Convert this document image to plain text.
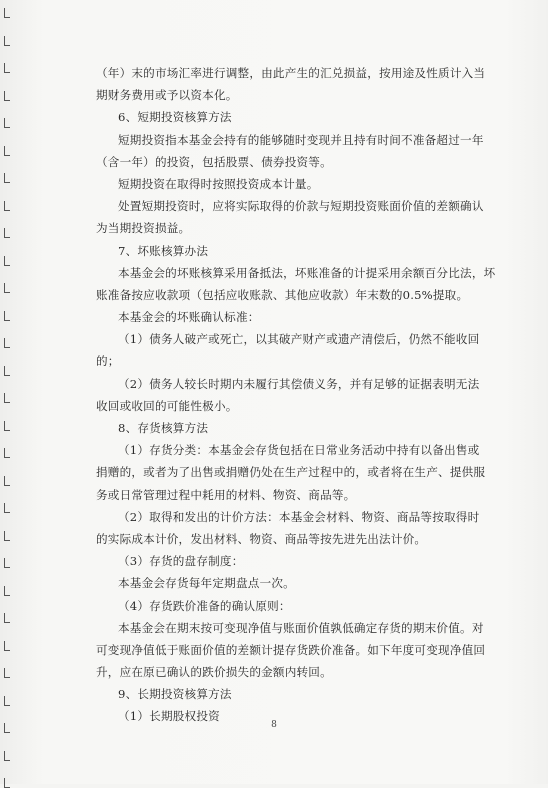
（年）末的市场汇率进行调整，由此产生的汇兑损益，按用途及性质计入当
期财务费用或予以资本化。
6、短期投资核算方法
短期投资指本基金会持有的能够随时变现并且持有时间不准备超过一年
（含一年）的投资，包括股票、债券投资等。
短期投资在取得时按照投资成本计量。
处置短期投资时，应将实际取得的价款与短期投资账面价值的差额确认
为当期投资损益。
7、坏账核算办法
本基金会的坏账核算采用备抵法，坏账准备的计提采用余额百分比法，坏
账准备按应收款项（包括应收账款、其他应收款）年末数的0.5%提取。
本基金会的坏账确认标准：
（1）债务人破产或死亡，以其破产财产或遗产清偿后，仍然不能收回
的；
（2）债务人较长时期内未履行其偿债义务，并有足够的证据表明无法
收回或收回的可能性极小。
8、存货核算方法
（1）存货分类：本基金会存货包括在日常业务活动中持有以备出售或
捐赠的，或者为了出售或捐赠仍处在生产过程中的，或者将在生产、提供服
务或日常管理过程中耗用的材料、物资、商品等。
（2）取得和发出的计价方法：本基金会材料、物资、商品等按取得时
的实际成本计价，发出材料、物资、商品等按先进先出法计价。
（3）存货的盘存制度：
本基金会存货每年定期盘点一次。
（4）存货跌价准备的确认原则：
本基金会在期末按可变现净值与账面价值孰低确定存货的期末价值。对
可变现净值低于账面价值的差额计提存货跌价准备。如下年度可变现净值回
升，应在原已确认的跌价损失的金额内转回。
9、长期投资核算方法
（1）长期股权投资
8
